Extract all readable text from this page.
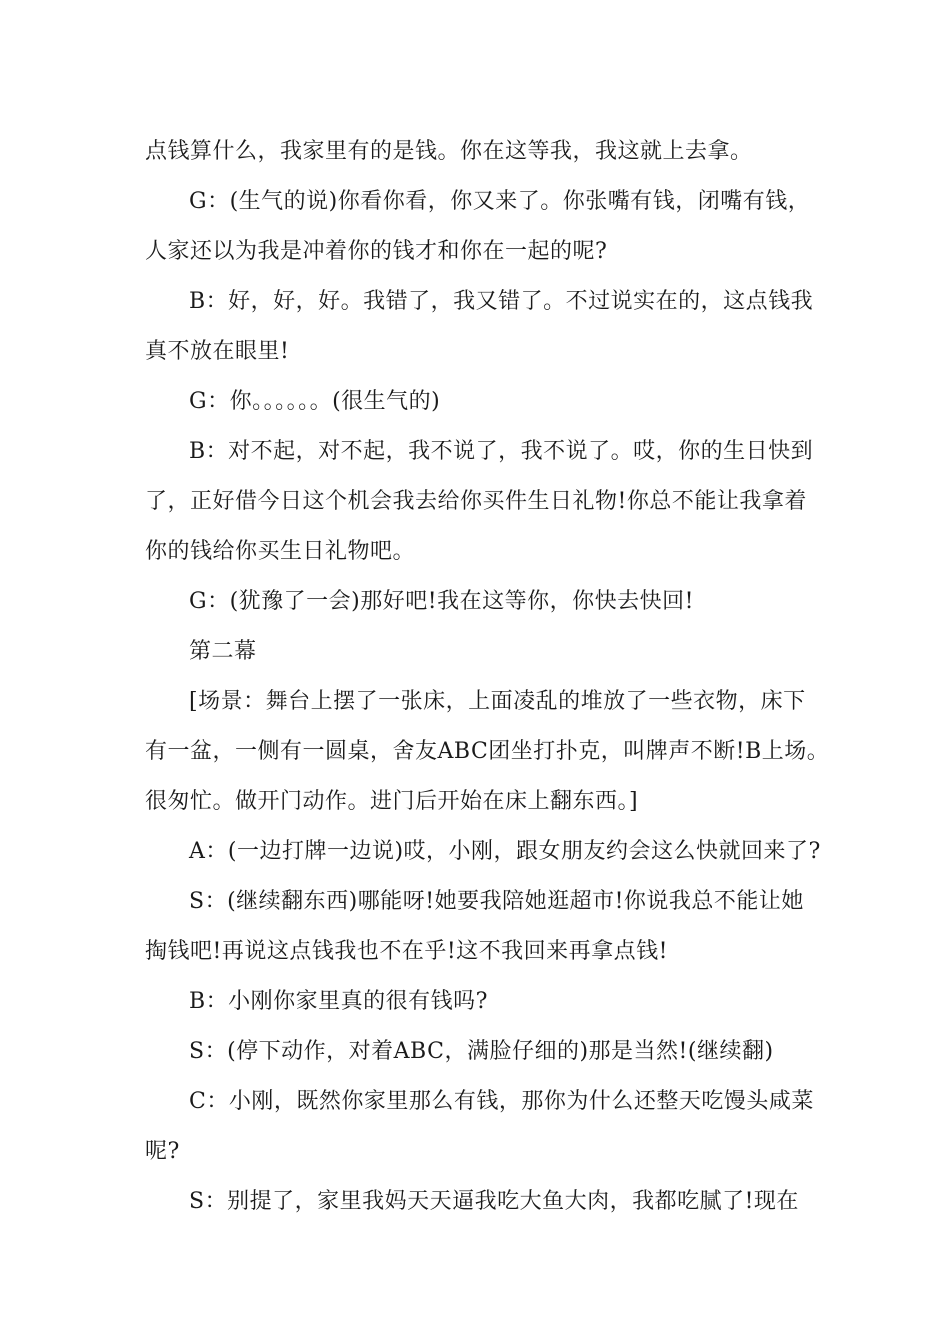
点钱算什么，我家里有的是钱。你在这等我，我这就上去拿。
G：(生气的说)你看你看，你又来了。你张嘴有钱，闭嘴有钱，
人家还以为我是冲着你的钱才和你在一起的呢?
B：好，好，好。我错了，我又错了。不过说实在的，这点钱我
真不放在眼里!
G：你。。。。。。(很生气的)
B：对不起，对不起，我不说了，我不说了。哎，你的生日快到
了，正好借今日这个机会我去给你买件生日礼物!你总不能让我拿着
你的钱给你买生日礼物吧。
G：(犹豫了一会)那好吧!我在这等你，你快去快回!
第二幕
[场景：舞台上摆了一张床，上面凌乱的堆放了一些衣物，床下
有一盆，一侧有一圆桌，舍友ABC团坐打扑克，叫牌声不断!B上场。
很匆忙。做开门动作。进门后开始在床上翻东西。]
A：(一边打牌一边说)哎，小刚，跟女朋友约会这么快就回来了?
S：(继续翻东西)哪能呀!她要我陪她逛超市!你说我总不能让她
掏钱吧!再说这点钱我也不在乎!这不我回来再拿点钱!
B：小刚你家里真的很有钱吗?
S：(停下动作，对着ABC，满脸仔细的)那是当然!(继续翻)
C：小刚，既然你家里那么有钱，那你为什么还整天吃馒头咸菜
呢?
S：别提了，家里我妈天天逼我吃大鱼大肉，我都吃腻了!现在
